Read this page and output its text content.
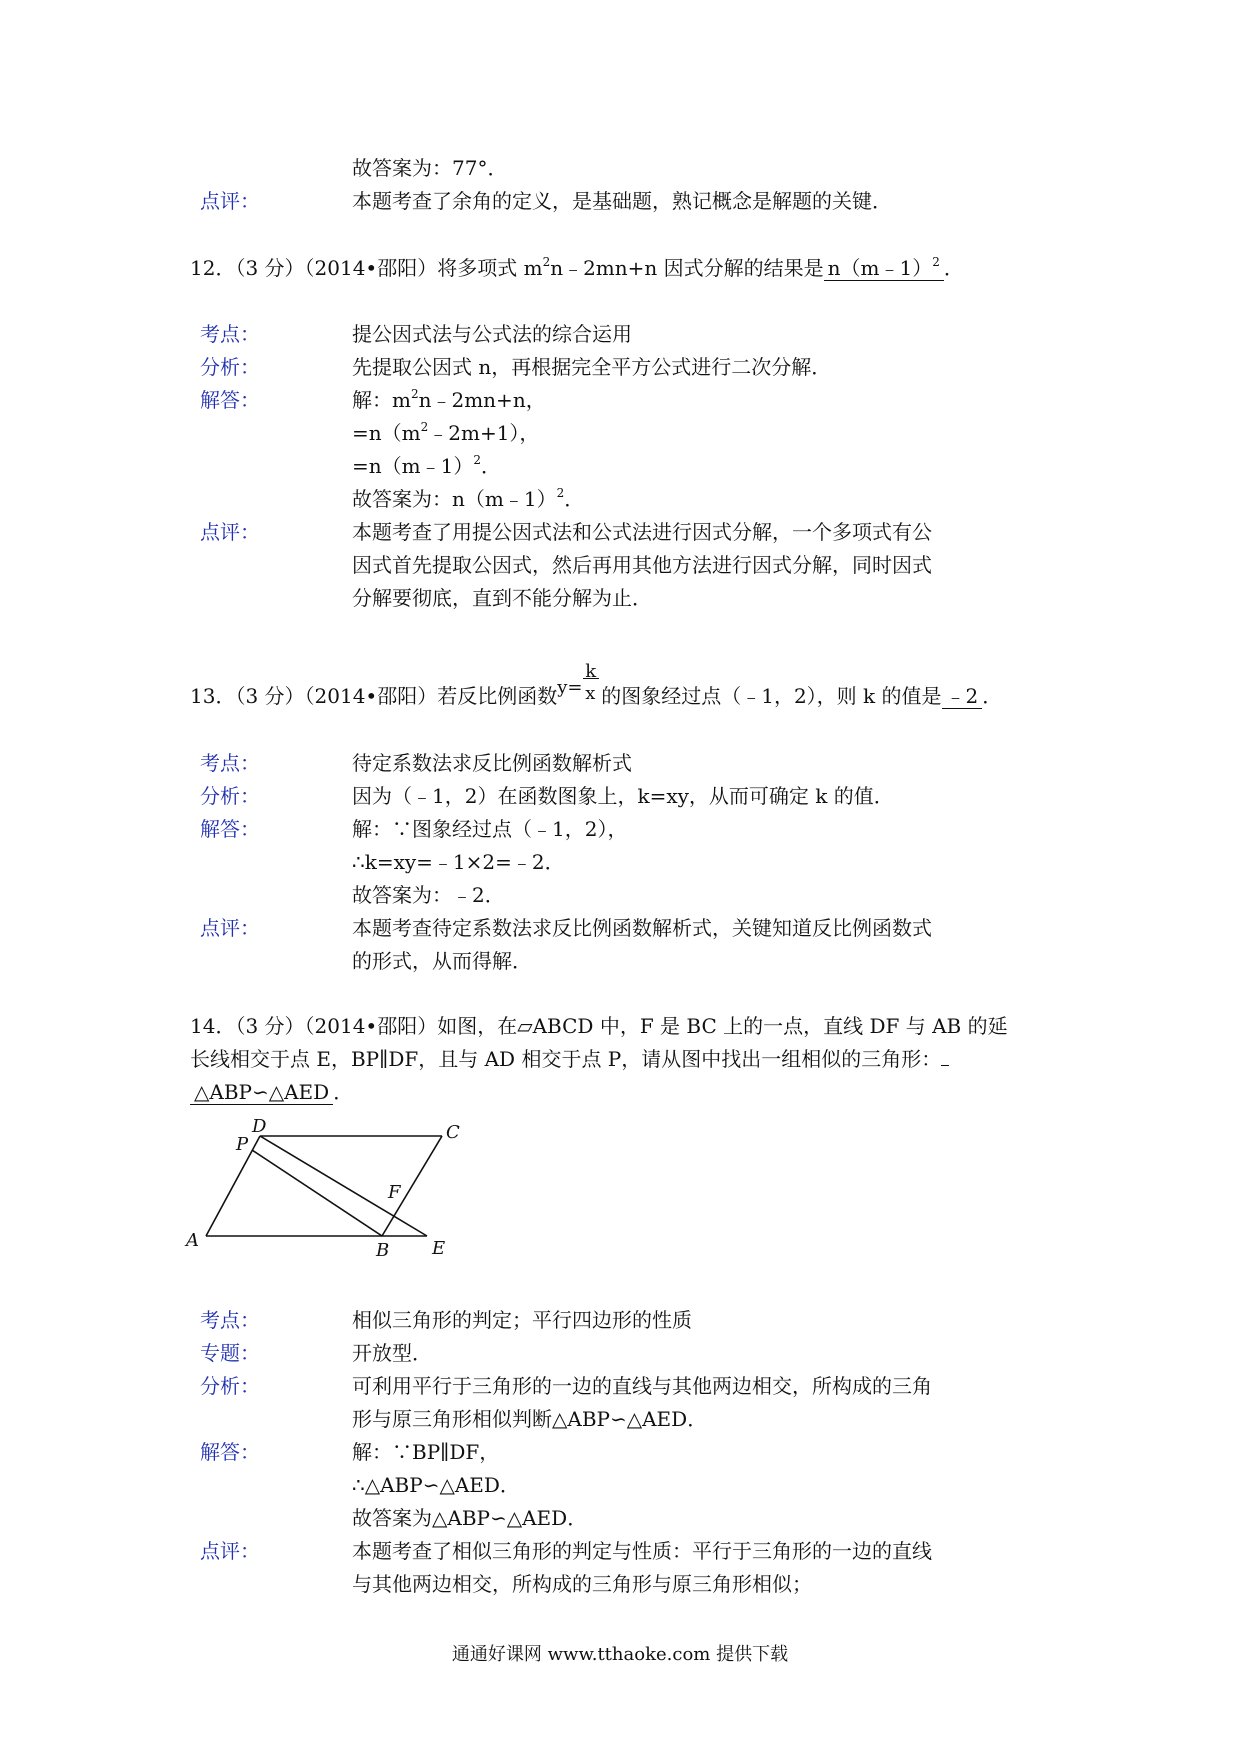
故答案为：77°．
点评：	本题考查了余角的定义，是基础题，熟记概念是解题的关键．
12．（3 分）（2014•邵阳）将多项式 $m^2n﹣2mn+n$ 因式分解的结果是 n（m﹣1）$^2$ ．
考点：	提公因式法与公式法的综合运用
分析：	先提取公因式 n，再根据完全平方公式进行二次分解．
解答：	解：$m^2n﹣2mn+n$，
$=n(m^2﹣2m+1)$，
=n（m﹣1）$^2$．
故答案为：n（m﹣1）$^2$．
点评：	本题考查了用提公因式法和公式法进行因式分解，一个多项式有公
因式首先提取公因式，然后再用其他方法进行因式分解，同时因式
分解要彻底，直到不能分解为止．
13．（3 分）（2014•邵阳）若反比例函数 y=
k
x 的图象经过点（﹣1，2），则 k 的值是 ﹣2 ．
考点：	待定系数法求反比例函数解析式
分析：	因为（﹣1，2）在函数图象上，k=xy，从而可确定 k 的值．
解答：	解：∵图象经过点（﹣1，2），
∴k=xy=﹣1×2=﹣2．
故答案为：﹣2．
点评：	本题考查待定系数法求反比例函数解析式，关键知道反比例函数式
的形式，从而得解．
14．（3 分）（2014•邵阳）如图，在▱ABCD 中，F 是 BC 上的一点，直线 DF 与 AB 的延
长线相交于点 E，BP∥DF，且与 AD 相交于点 P，请从图中找出一组相似的三角形：
△ABP∽△AED ．
A	B
C
D
E
F
P
考点：	相似三角形的判定；平行四边形的性质
专题：	开放型．
分析：	可利用平行于三角形的一边的直线与其他两边相交，所构成的三角
形与原三角形相似判断△ABP∽△AED．
解答：	解：∵BP∥DF，
∴△ABP∽△AED．
故答案为△ABP∽△AED．
点评：	本题考查了相似三角形的判定与性质：平行于三角形的一边的直线
与其他两边相交，所构成的三角形与原三角形相似；
通通好课网 www.tthaoke.com 提供下载
